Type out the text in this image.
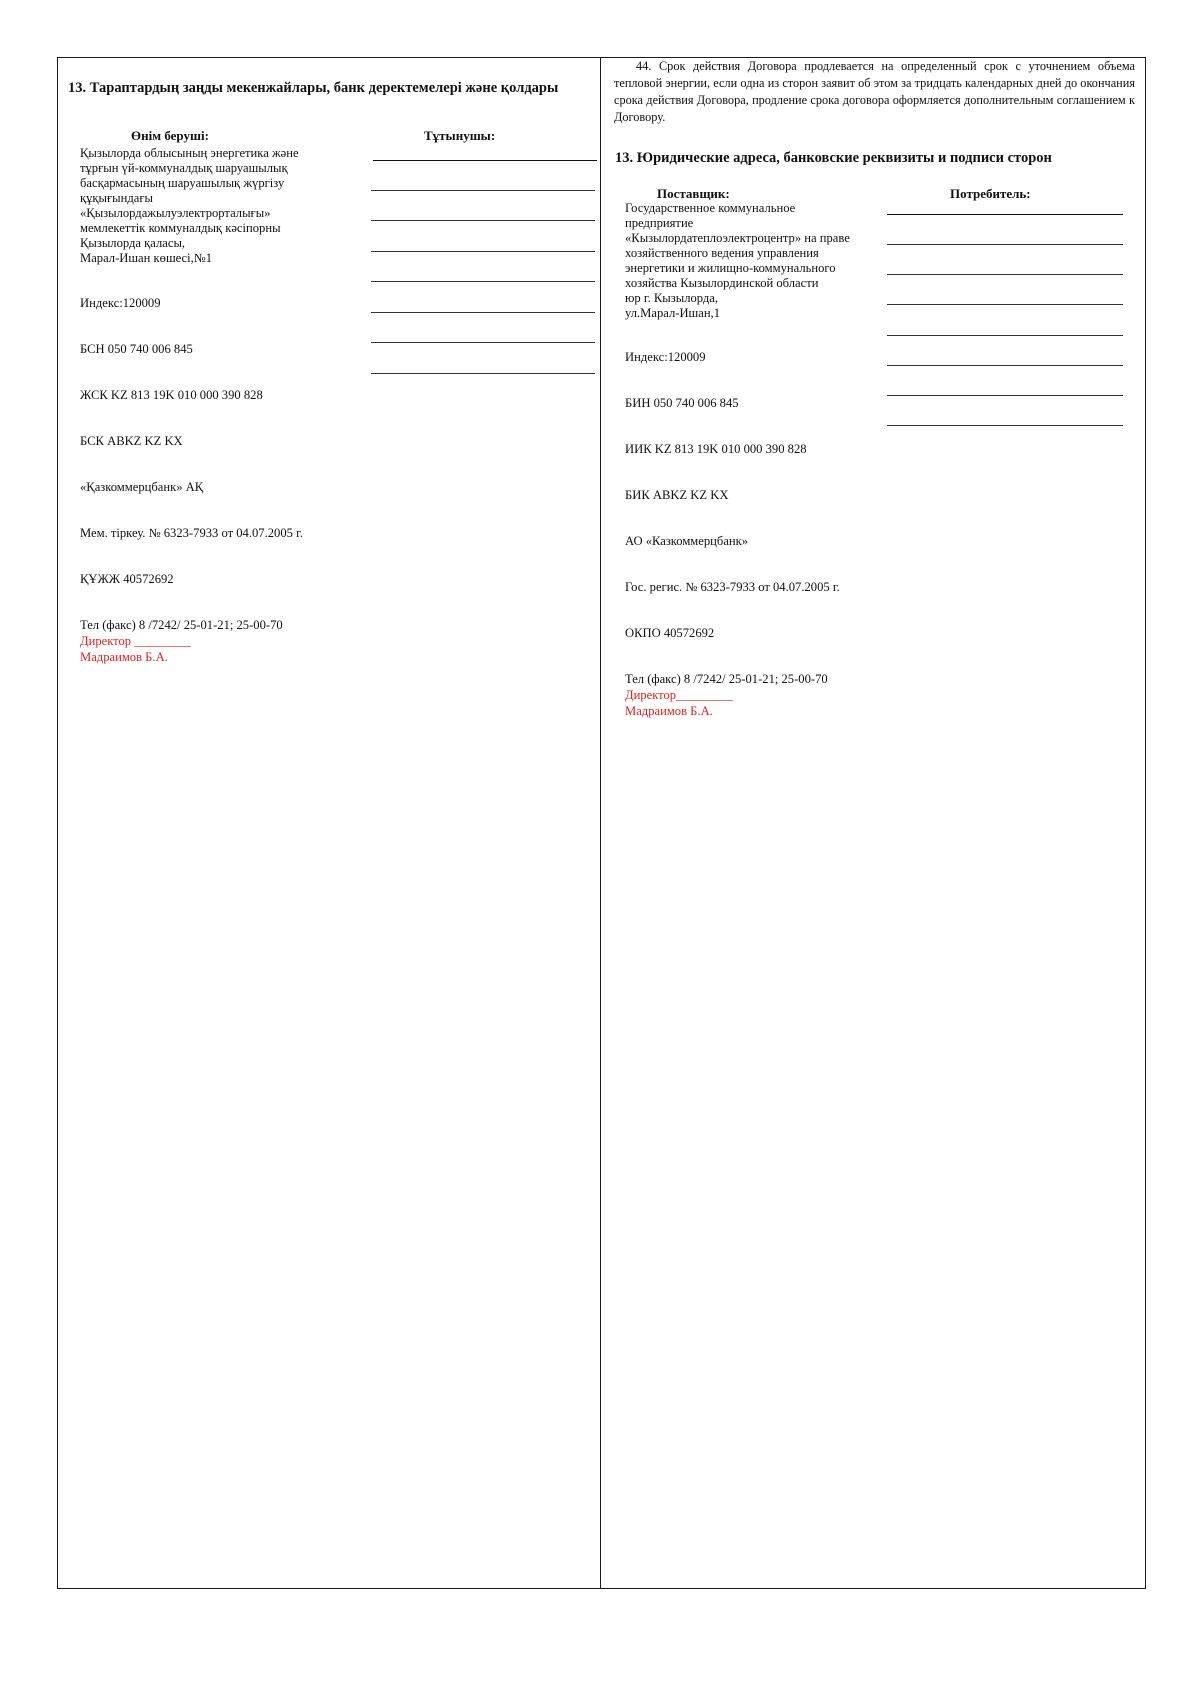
13. Тараптардың заңды мекенжайлары, банк деректемелері және қолдары
Өнім беруші:	Тұтынушы:
Қызылорда облысының энергетика және
тұрғын үй-коммуналдық шаруашылық
басқармасының шаруашылық жүргізу
құқығындағы
«Қызылордажылуэлектрорталығы»
мемлекеттік коммуналдық кәсіпорны
Қызылорда қаласы,
Марал-Ишан көшесі,№1
Индекс:120009
БСН 050 740 006 845
ЖСК KZ 813 19K 010 000 390 828
БСК ABKZ KZ KX
«Қазкоммерцбанк» АҚ
Мем. тіркеу. № 6323-7933 от 04.07.2005 г.
ҚҰЖЖ 40572692
Тел (факс) 8 /7242/ 25-01-21; 25-00-70
Директор _________
Мадраимов Б.А.
44. Срок действия Договора продлевается на определенный срок с уточнением объема тепловой энергии, если одна из сторон заявит об этом за тридцать календарных дней до окончания срока действия Договора, продление срока договора оформляется дополнительным соглашением к Договору.
13. Юридические адреса, банковские реквизиты и подписи сторон
Поставщик:	Потребитель:
Государственное коммунальное
предприятие
«Кызылордатеплоэлектроцентр» на праве
хозяйственного ведения управления
энергетики и жилищно-коммунального
хозяйства Кызылординской области
юр г. Кызылорда,
ул.Марал-Ишан,1
Индекс:120009
БИН 050 740 006 845
ИИК KZ 813 19K 010 000 390 828
БИК ABKZ KZ KX
АО «Казкоммерцбанк»
Гос. регис. № 6323-7933 от 04.07.2005 г.
ОКПО 40572692
Тел (факс) 8 /7242/ 25-01-21; 25-00-70
Директор_________
Мадраимов Б.А.
